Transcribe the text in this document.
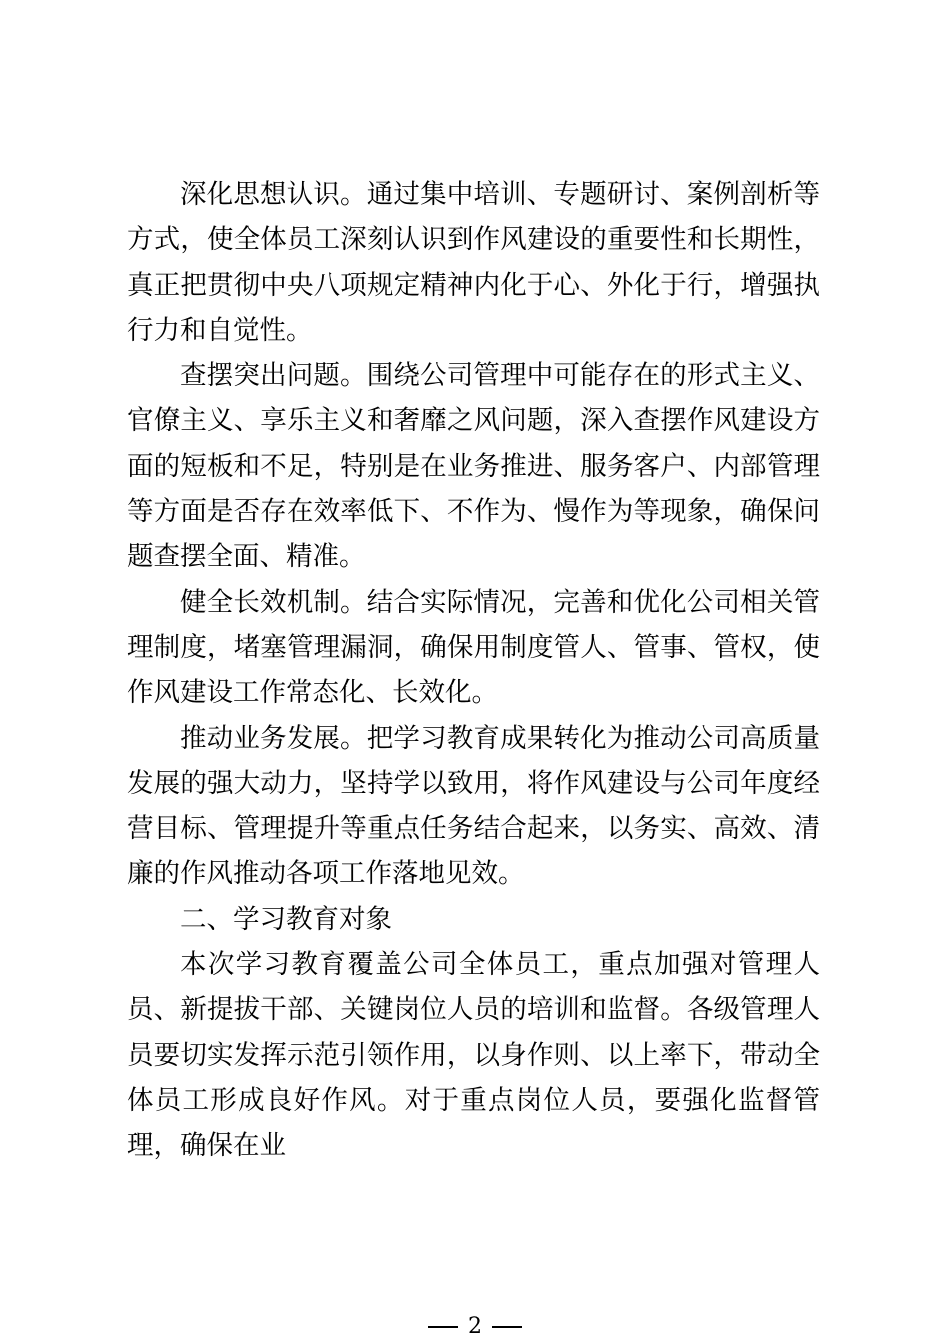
深化思想认识。通过集中培训、专题研讨、案例剖析等方式，使全体员工深刻认识到作风建设的重要性和长期性，真正把贯彻中央八项规定精神内化于心、外化于行，增强执行力和自觉性。

查摆突出问题。围绕公司管理中可能存在的形式主义、官僚主义、享乐主义和奢靡之风问题，深入查摆作风建设方面的短板和不足，特别是在业务推进、服务客户、内部管理等方面是否存在效率低下、不作为、慢作为等现象，确保问题查摆全面、精准。

健全长效机制。结合实际情况，完善和优化公司相关管理制度，堵塞管理漏洞，确保用制度管人、管事、管权，使作风建设工作常态化、长效化。

推动业务发展。把学习教育成果转化为推动公司高质量发展的强大动力，坚持学以致用，将作风建设与公司年度经营目标、管理提升等重点任务结合起来，以务实、高效、清廉的作风推动各项工作落地见效。

二、学习教育对象

本次学习教育覆盖公司全体员工，重点加强对管理人员、新提拔干部、关键岗位人员的培训和监督。各级管理人员要切实发挥示范引领作用，以身作则、以上率下，带动全体员工形成良好作风。对于重点岗位人员，要强化监督管理，确保在业

2
